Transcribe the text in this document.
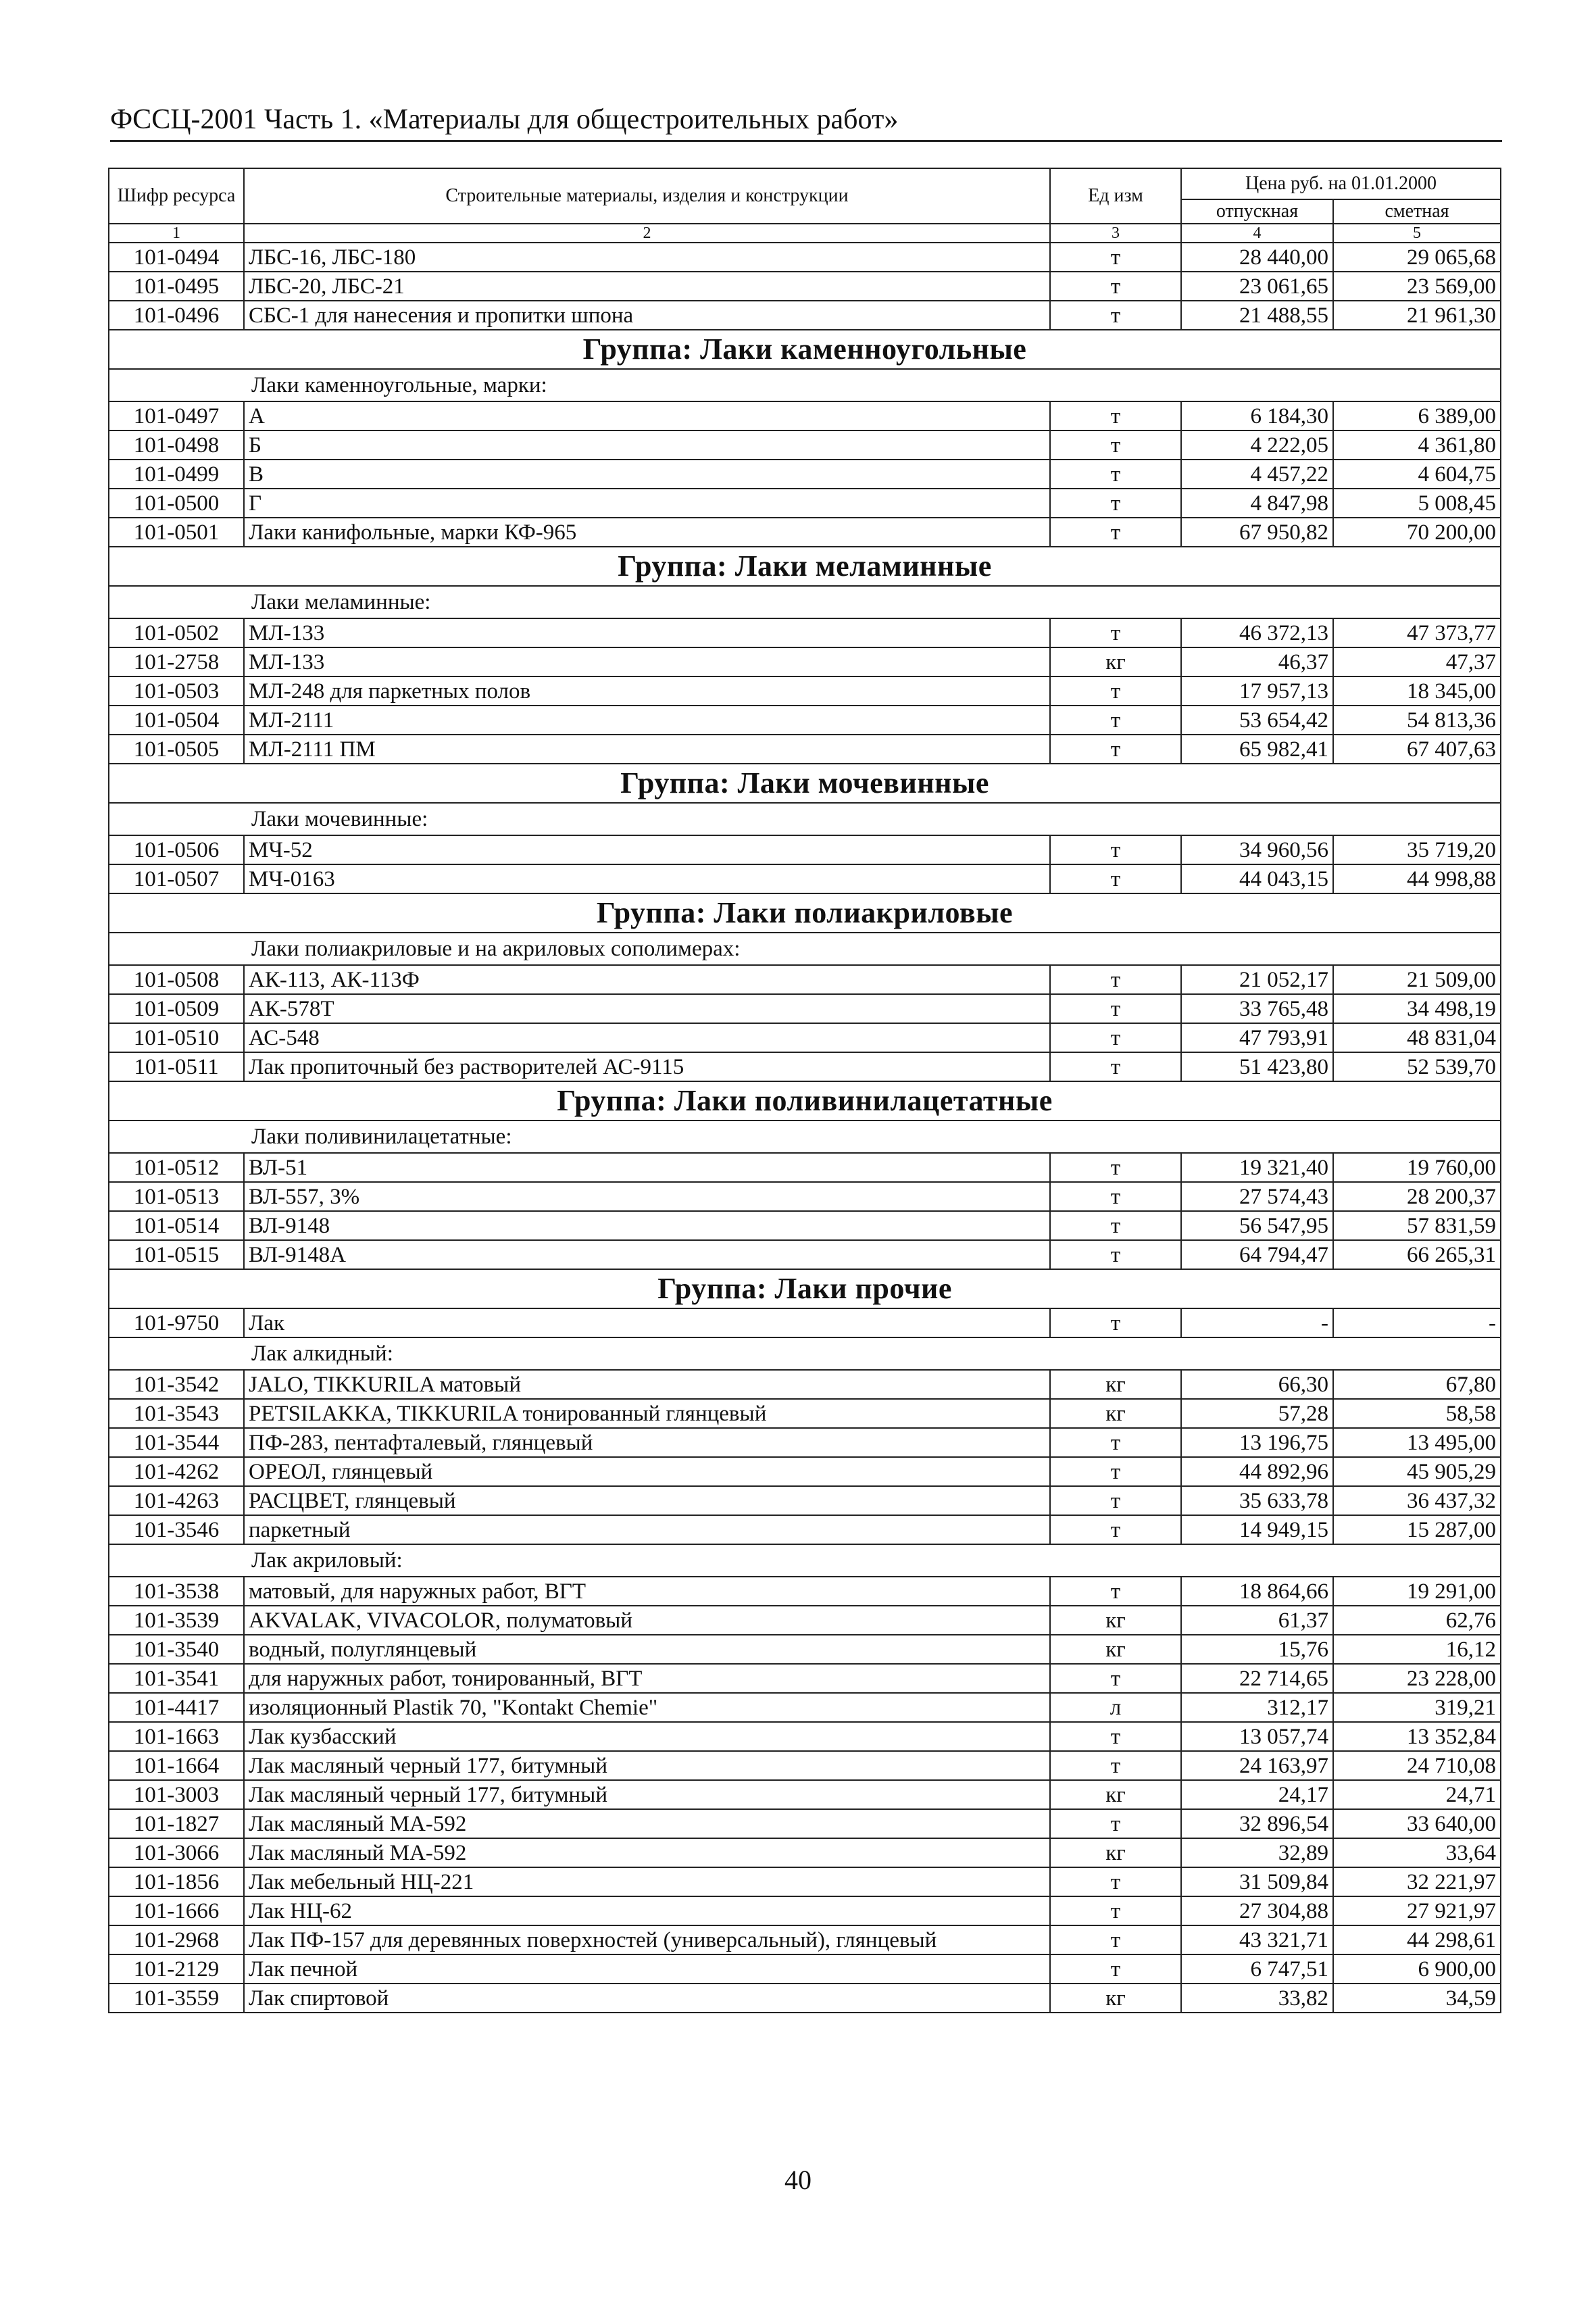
ФССЦ-2001 Часть 1. «Материалы для общестроительных работ»
Шифр ресурса	Строительные материалы, изделия и конструкции	Ед изм	Цена руб. на 01.01.2000	
			отпускная	сметная
1	2	3	4	5
101-0494	ЛБС-16, ЛБС-180	т	28 440,00	29 065,68
101-0495	ЛБС-20, ЛБС-21	т	23 061,65	23 569,00
101-0496	СБС-1 для нанесения и пропитки шпона	т	21 488,55	21 961,30
Группа: Лаки каменноугольные				
Лаки каменноугольные, марки:				
101-0497	А	т	6 184,30	6 389,00
101-0498	Б	т	4 222,05	4 361,80
101-0499	В	т	4 457,22	4 604,75
101-0500	Г	т	4 847,98	5 008,45
101-0501	Лаки канифольные, марки КФ-965	т	67 950,82	70 200,00
Группа: Лаки меламинные				
Лаки меламинные:				
101-0502	МЛ-133	т	46 372,13	47 373,77
101-2758	МЛ-133	кг	46,37	47,37
101-0503	МЛ-248 для паркетных полов	т	17 957,13	18 345,00
101-0504	МЛ-2111	т	53 654,42	54 813,36
101-0505	МЛ-2111 ПМ	т	65 982,41	67 407,63
Группа: Лаки мочевинные				
Лаки мочевинные:				
101-0506	МЧ-52	т	34 960,56	35 719,20
101-0507	МЧ-0163	т	44 043,15	44 998,88
Группа: Лаки полиакриловые				
Лаки полиакриловые и на акриловых сополимерах:				
101-0508	АК-113, АК-113Ф	т	21 052,17	21 509,00
101-0509	АК-578Т	т	33 765,48	34 498,19
101-0510	АС-548	т	47 793,91	48 831,04
101-0511	Лак пропиточный без растворителей АС-9115	т	51 423,80	52 539,70
Группа: Лаки поливинилацетатные				
Лаки поливинилацетатные:				
101-0512	ВЛ-51	т	19 321,40	19 760,00
101-0513	ВЛ-557, 3%	т	27 574,43	28 200,37
101-0514	ВЛ-9148	т	56 547,95	57 831,59
101-0515	ВЛ-9148А	т	64 794,47	66 265,31
Группа: Лаки прочие				
101-9750	Лак	т	-	-
Лак алкидный:				
101-3542	JALO, TIKKURILA матовый	кг	66,30	67,80
101-3543	PETSILAKKA, TIKKURILA тонированный глянцевый	кг	57,28	58,58
101-3544	ПФ-283, пентафталевый, глянцевый	т	13 196,75	13 495,00
101-4262	ОРЕОЛ, глянцевый	т	44 892,96	45 905,29
101-4263	РАСЦВЕТ, глянцевый	т	35 633,78	36 437,32
101-3546	паркетный	т	14 949,15	15 287,00
Лак акриловый:				
101-3538	матовый, для наружных работ, ВГТ	т	18 864,66	19 291,00
101-3539	AKVALAK, VIVACOLOR, полуматовый	кг	61,37	62,76
101-3540	водный, полуглянцевый	кг	15,76	16,12
101-3541	для наружных работ, тонированный, ВГТ	т	22 714,65	23 228,00
101-4417	изоляционный Plastik 70, "Kontakt Chemie"	л	312,17	319,21
101-1663	Лак кузбасский	т	13 057,74	13 352,84
101-1664	Лак масляный черный 177, битумный	т	24 163,97	24 710,08
101-3003	Лак масляный черный 177, битумный	кг	24,17	24,71
101-1827	Лак масляный МА-592	т	32 896,54	33 640,00
101-3066	Лак масляный МА-592	кг	32,89	33,64
101-1856	Лак мебельный НЦ-221	т	31 509,84	32 221,97
101-1666	Лак НЦ-62	т	27 304,88	27 921,97
101-2968	Лак ПФ-157 для деревянных поверхностей (универсальный), глянцевый	т	43 321,71	44 298,61
101-2129	Лак печной	т	6 747,51	6 900,00
101-3559	Лак спиртовой	кг	33,82	34,59
40
